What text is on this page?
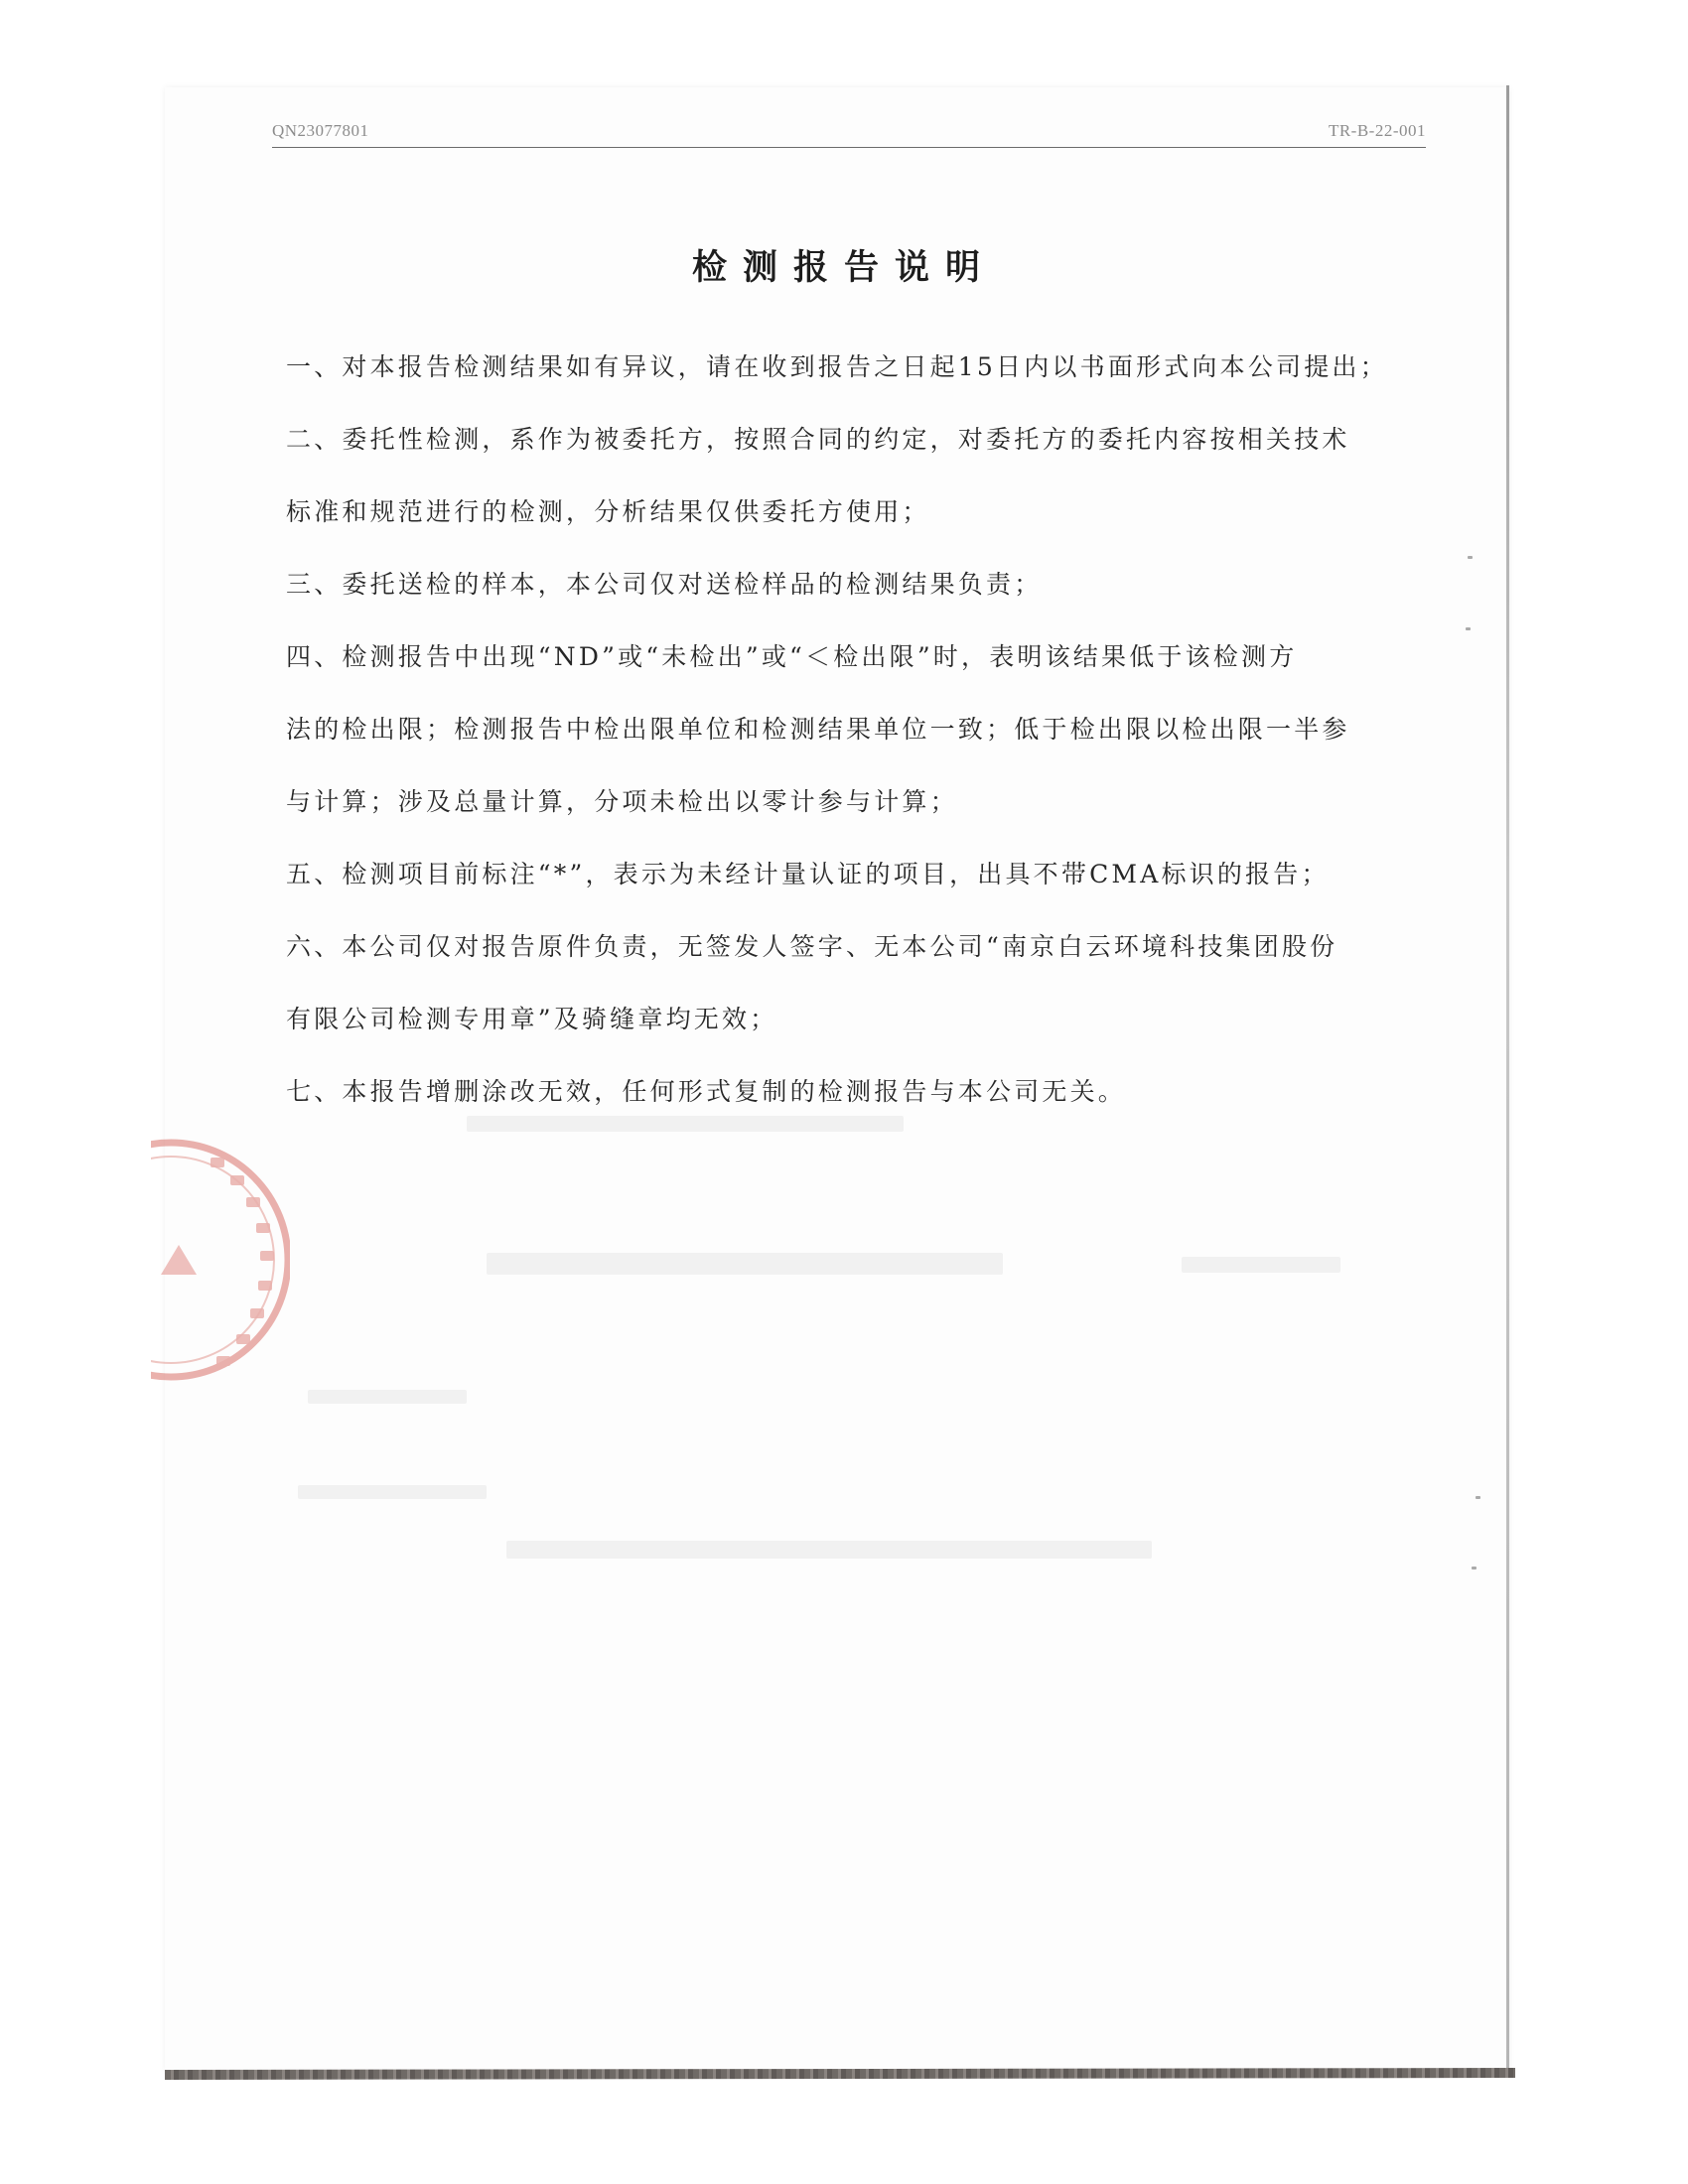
QN23077801	TR-B-22-001
检测报告说明
一、对本报告检测结果如有异议，请在收到报告之日起15日内以书面形式向本公司提出；
二、委托性检测，系作为被委托方，按照合同的约定，对委托方的委托内容按相关技术
标准和规范进行的检测，分析结果仅供委托方使用；
三、委托送检的样本，本公司仅对送检样品的检测结果负责；
四、检测报告中出现“ND”或“未检出”或“＜检出限”时，表明该结果低于该检测方
法的检出限；检测报告中检出限单位和检测结果单位一致；低于检出限以检出限一半参
与计算；涉及总量计算，分项未检出以零计参与计算；
五、检测项目前标注“*”，表示为未经计量认证的项目，出具不带CMA标识的报告；
六、本公司仅对报告原件负责，无签发人签字、无本公司“南京白云环境科技集团股份
有限公司检测专用章”及骑缝章均无效；
七、本报告增删涂改无效，任何形式复制的检测报告与本公司无关。
